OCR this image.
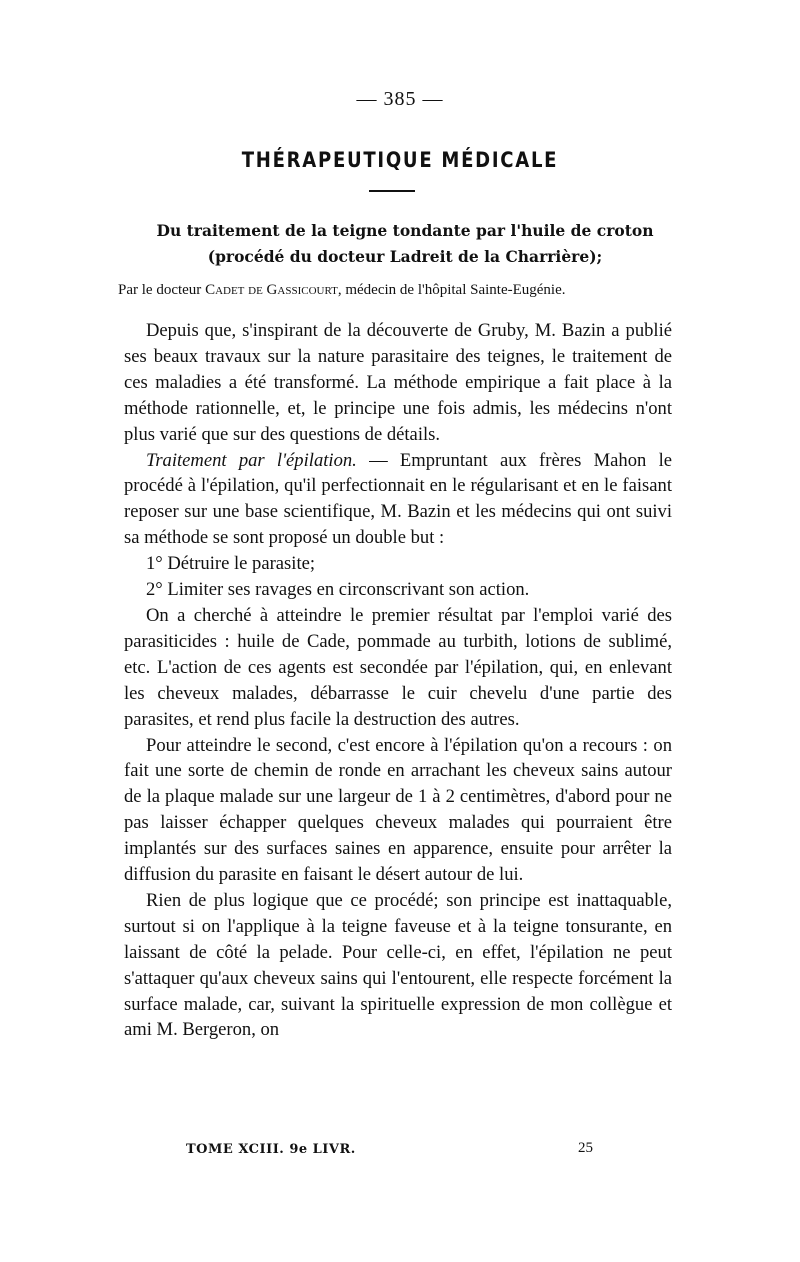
— 385 —
THÉRAPEUTIQUE MÉDICALE
Du traitement de la teigne tondante par l'huile de croton
(procédé du docteur Ladreit de la Charrière);
Par le docteur Cadet de Gassicourt, médecin de l'hôpital Sainte-Eugénie.

Depuis que, s'inspirant de la découverte de Gruby, M. Bazin a publié ses beaux travaux sur la nature parasitaire des teignes, le traitement de ces maladies a été transformé. La méthode empirique a fait place à la méthode rationnelle, et, le principe une fois admis, les médecins n'ont plus varié que sur des questions de détails.

Traitement par l'épilation. — Empruntant aux frères Mahon le procédé à l'épilation, qu'il perfectionnait en le régularisant et en le faisant reposer sur une base scientifique, M. Bazin et les médecins qui ont suivi sa méthode se sont proposé un double but :

1° Détruire le parasite;

2° Limiter ses ravages en circonscrivant son action.

On a cherché à atteindre le premier résultat par l'emploi varié des parasiticides : huile de Cade, pommade au turbith, lotions de sublimé, etc. L'action de ces agents est secondée par l'épilation, qui, en enlevant les cheveux malades, débarrasse le cuir chevelu d'une partie des parasites, et rend plus facile la destruction des autres.

Pour atteindre le second, c'est encore à l'épilation qu'on a recours : on fait une sorte de chemin de ronde en arrachant les cheveux sains autour de la plaque malade sur une largeur de 1 à 2 centimètres, d'abord pour ne pas laisser échapper quelques cheveux malades qui pourraient être implantés sur des surfaces saines en apparence, ensuite pour arrêter la diffusion du parasite en faisant le désert autour de lui.

Rien de plus logique que ce procédé; son principe est inattaquable, surtout si on l'applique à la teigne faveuse et à la teigne tonsurante, en laissant de côté la pelade. Pour celle-ci, en effet, l'épilation ne peut s'attaquer qu'aux cheveux sains qui l'entourent, elle respecte forcément la surface malade, car, suivant la spirituelle expression de mon collègue et ami M. Bergeron, on

TOME XCIII. 9e LIVR.	25
